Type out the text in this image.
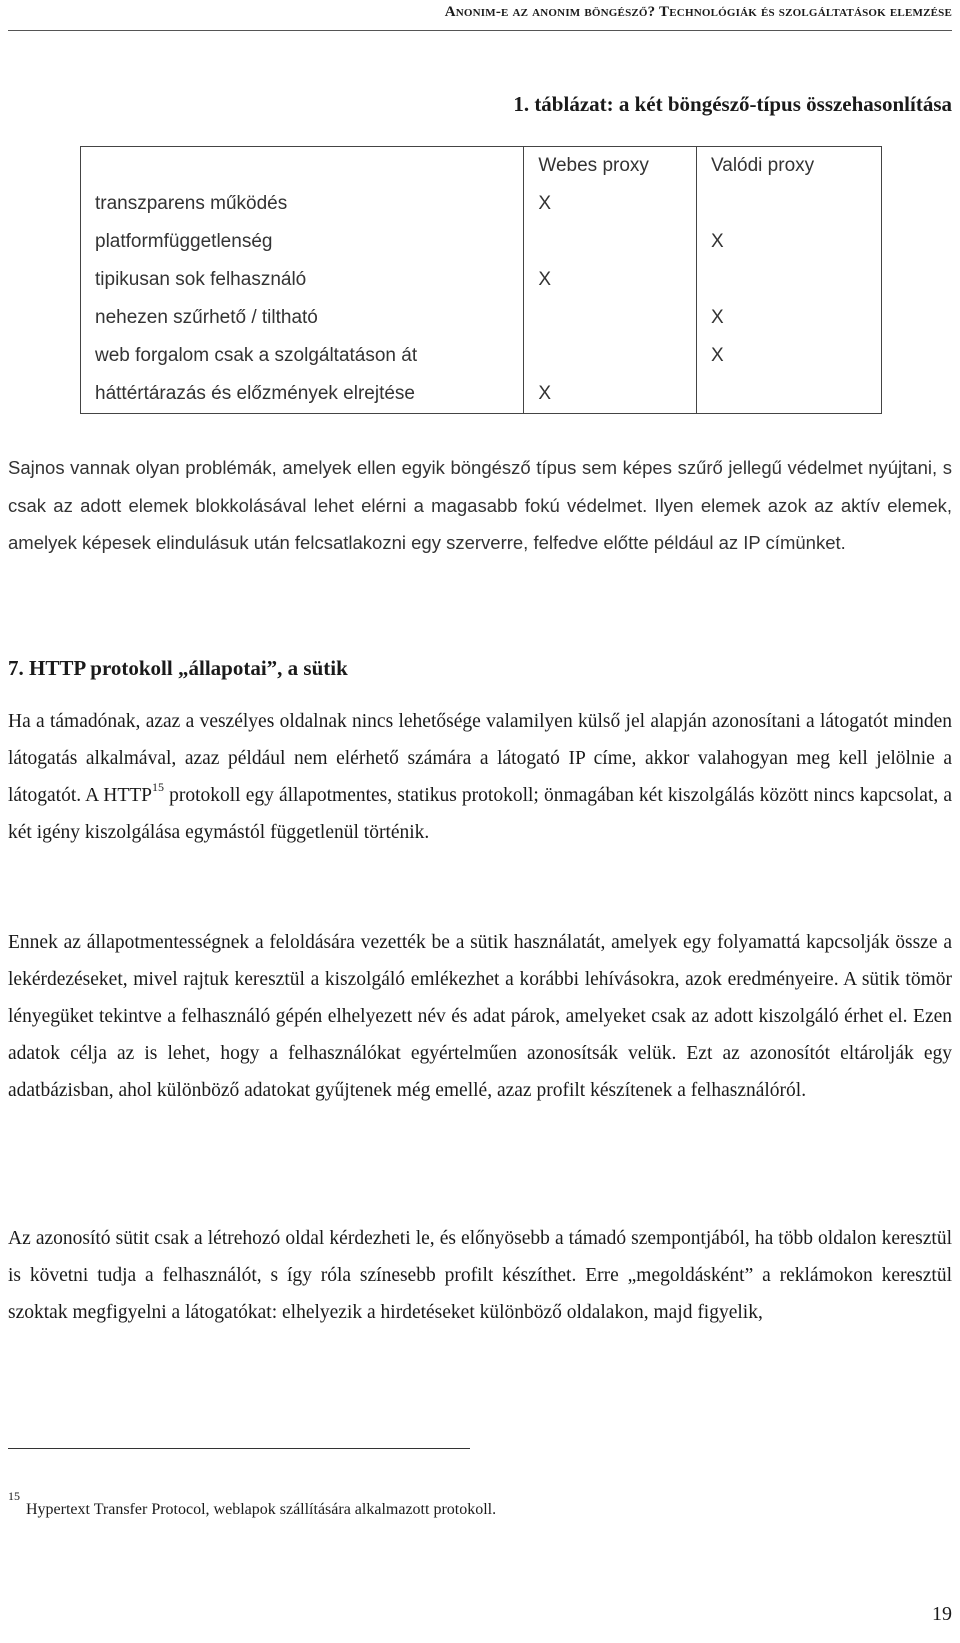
Anonim-e az anonim böngésző? Technológiák és szolgáltatások elemzése
1. táblázat: a két böngésző-típus összehasonlítása
	Webes proxy	Valódi proxy
transzparens működés	X	
platformfüggetlenség		X
tipikusan sok felhasználó	X	
nehezen szűrhető / tiltható		X
web forgalom csak a szolgáltatáson át		X
háttértárazás és előzmények elrejtése	X	

Sajnos vannak olyan problémák, amelyek ellen egyik böngésző típus sem képes szűrő jellegű védelmet nyújtani, s csak az adott elemek blokkolásával lehet elérni a magasabb fokú védelmet. Ilyen elemek azok az aktív elemek, amelyek képesek elindulásuk után felcsatlakozni egy szerverre, felfedve előtte például az IP címünket.

7. HTTP protokoll „állapotai”, a sütik

Ha a támadónak, azaz a veszélyes oldalnak nincs lehetősége valamilyen külső jel alapján azonosítani a látogatót minden látogatás alkalmával, azaz például nem elérhető számára a látogató IP címe, akkor valahogyan meg kell jelölnie a látogatót. A HTTP$^{15}$ protokoll egy állapotmentes, statikus protokoll; önmagában két kiszolgálás között nincs kapcsolat, a két igény kiszolgálása egymástól függetlenül történik.

Ennek az állapotmentességnek a feloldására vezették be a sütik használatát, amelyek egy folyamattá kapcsolják össze a lekérdezéseket, mivel rajtuk keresztül a kiszolgáló emlékezhet a korábbi lehívásokra, azok eredményeire. A sütik tömör lényegüket tekintve a felhasználó gépén elhelyezett név és adat párok, amelyeket csak az adott kiszolgáló érhet el. Ezen adatok célja az is lehet, hogy a felhasználókat egyértelműen azonosítsák velük. Ezt az azonosítót eltárolják egy adatbázisban, ahol különböző adatokat gyűjtenek még emellé, azaz profilt készítenek a felhasználóról.

Az azonosító sütit csak a létrehozó oldal kérdezheti le, és előnyösebb a támadó szempontjából, ha több oldalon keresztül is követni tudja a felhasználót, s így róla színesebb profilt készíthet. Erre „megoldásként” a reklámokon keresztül szoktak megfigyelni a látogatókat: elhelyezik a hirdetéseket különböző oldalakon, majd figyelik,

$^{15}$Hypertext Transfer Protocol, weblapok szállítására alkalmazott protokoll.
19
